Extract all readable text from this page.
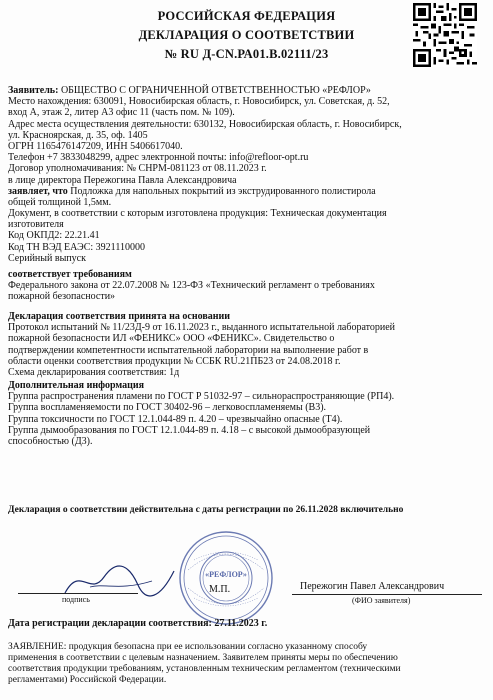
РОССИЙСКАЯ ФЕДЕРАЦИЯ
ДЕКЛАРАЦИЯ О СООТВЕТСТВИИ
№ RU Д-CN.РА01.В.02111/23
Заявитель: ОБЩЕСТВО С ОГРАНИЧЕННОЙ ОТВЕТСТВЕННОСТЬЮ «РЕФЛОР»
Место нахождения: 630091, Новосибирская область, г. Новосибирск, ул. Советская, д. 52,
вход А, этаж 2, литер А3 офис 11 (часть пом. № 109).
Адрес места осуществления деятельности: 630132, Новосибирская область, г. Новосибирск,
ул. Красноярская, д. 35, оф. 1405
ОГРН 1165476147209, ИНН 5406617040.
Телефон +7 3833048299, адрес электронной почты: info@refloor-opt.ru
Договор уполномачивания: № СНРМ-081123 от 08.11.2023 г.
в лице директора Пережогина Павла Александровича
заявляет, что Подложка для напольных покрытий из экструдированного полистирола
общей толщиной 1,5мм.
Документ, в соответствии с которым изготовлена продукция: Техническая документация
изготовителя
Код ОКПД2: 22.21.41
Код ТН ВЭД ЕАЭС: 3921110000
Серийный выпуск
соответствует требованиям
Федерального закона от 22.07.2008 № 123-ФЗ «Технический регламент о требованиях
пожарной безопасности»
Декларация соответствия принята на основании
Протокол испытаний № 11/23Д-9 от 16.11.2023 г., выданного испытательной лабораторией
пожарной безопасности ИЛ «ФЕНИКС» ООО «ФЕНИКС». Свидетельство о
подтверждении компетентности испытательной лаборатории на выполнение работ в
области оценки соответствия продукции № ССБК RU.21ПБ23 от 24.08.2018 г.
Схема декларирования соответствия: 1д
Дополнительная информация
Группа распространения пламени по ГОСТ Р 51032-97 – сильнораспространяющие (РП4).
Группа воспламеняемости по ГОСТ 30402-96 – легковоспламеняемы (В3).
Группа токсичности по ГОСТ 12.1.044-89 п. 4.20 – чрезвычайно опасные (Т4).
Группа дымообразования по ГОСТ 12.1.044-89 п. 4.18 – с высокой дымообразующей
способностью (Д3).
Декларация о соответствии действительна с даты регистрации по 26.11.2028 включительно
«РЕФЛОР»
М.П.
подпись
Пережогин Павел Александрович
(ФИО заявителя)
Дата регистрации декларации соответствия: 27.11.2023 г.
ЗАЯВЛЕНИЕ: продукция безопасна при ее использовании согласно указанному способу
применения в соответствии с целевым назначением. Заявителем приняты меры по обеспечению
соответствия продукции требованиям, установленным техническим регламентом (техническими
регламентами) Российской Федерации.
